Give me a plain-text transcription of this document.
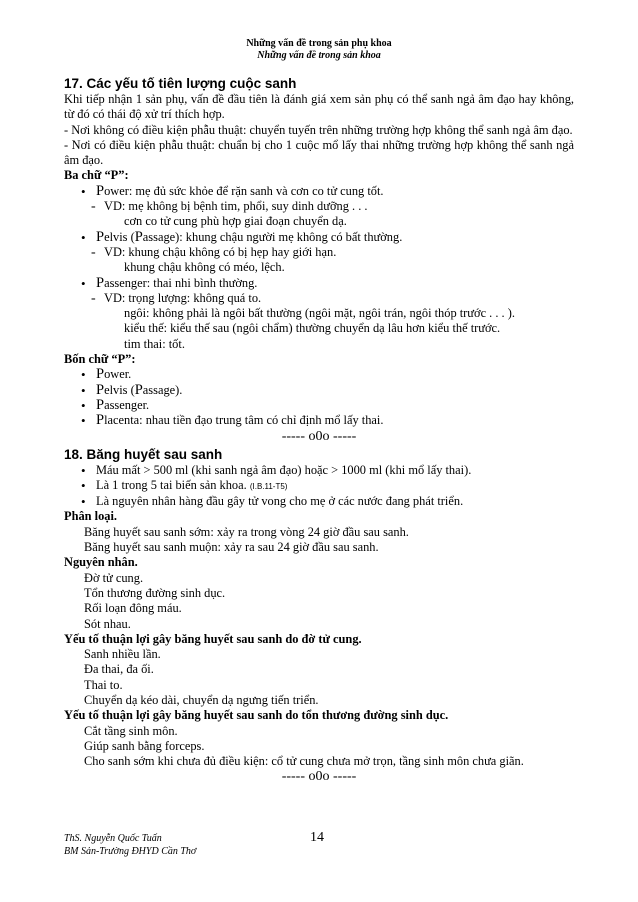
Những vấn đề trong sản phụ khoa
Những vấn đề trong sản khoa
17. Các yếu tố tiên lượng cuộc sanh

Khi tiếp nhận 1 sản phụ, vấn đề đầu tiên là đánh giá xem sản phụ có thể sanh ngả âm đạo hay không, từ đó có thái độ xử trí thích hợp.

- Nơi không có điều kiện phẫu thuật: chuyển tuyến trên những trường hợp không thể sanh ngả âm đạo.

- Nơi có điều kiện phẫu thuật: chuẩn bị cho 1 cuộc mổ lấy thai những trường hợp không thể sanh ngả âm đạo.

Ba chữ “P”:

• Power: mẹ đủ sức khỏe để rặn sanh và cơn co tử cung tốt.

- VD: mẹ không bị bệnh tim, phổi, suy dinh dưỡng . . .

cơn co tử cung phù hợp giai đoạn chuyển dạ.

• Pelvis (Passage): khung chậu người mẹ không có bất thường.

- VD: khung chậu không có bị hẹp hay giới hạn.

khung chậu không có méo, lệch.

• Passenger: thai nhi bình thường.

- VD: trọng lượng: không quá to.

ngôi: không phải là ngôi bất thường (ngôi mặt, ngôi trán, ngôi thóp trước . . . ).

kiểu thế: kiểu thế sau (ngôi chẩm) thường chuyển dạ lâu hơn kiểu thế trước.

tim thai: tốt.

Bốn chữ “P”:

• Power.

• Pelvis (Passage).

• Passenger.

• Placenta: nhau tiền đạo trung tâm có chỉ định mổ lấy thai.

----- o0o -----

18. Băng huyết sau sanh

• Máu mất > 500 ml (khi sanh ngả âm đạo) hoặc > 1000 ml (khi mổ lấy thai).

• Là 1 trong 5 tai biến sản khoa. (I.B.11-T5)

• Là nguyên nhân hàng đầu gây tử vong cho mẹ ở các nước đang phát triển.

Phân loại.

Băng huyết sau sanh sớm: xảy ra trong vòng 24 giờ đầu sau sanh.

Băng huyết sau sanh muộn: xảy ra sau 24 giờ đầu sau sanh.

Nguyên nhân.

Đờ tử cung.

Tổn thương đường sinh dục.

Rối loạn đông máu.

Sót nhau.

Yếu tố thuận lợi gây băng huyết sau sanh do đờ tử cung.

Sanh nhiều lần.

Đa thai, đa ối.

Thai to.

Chuyển dạ kéo dài, chuyển dạ ngưng tiến triển.

Yếu tố thuận lợi gây băng huyết sau sanh do tổn thương đường sinh dục.

Cắt tầng sinh môn.

Giúp sanh bằng forceps.

Cho sanh sớm khi chưa đủ điều kiện: cổ tử cung chưa mở trọn, tầng sinh môn chưa giãn.

----- o0o -----

ThS. Nguyễn Quốc Tuấn
BM Sản-Trường ĐHYD Cần Thơ
14
